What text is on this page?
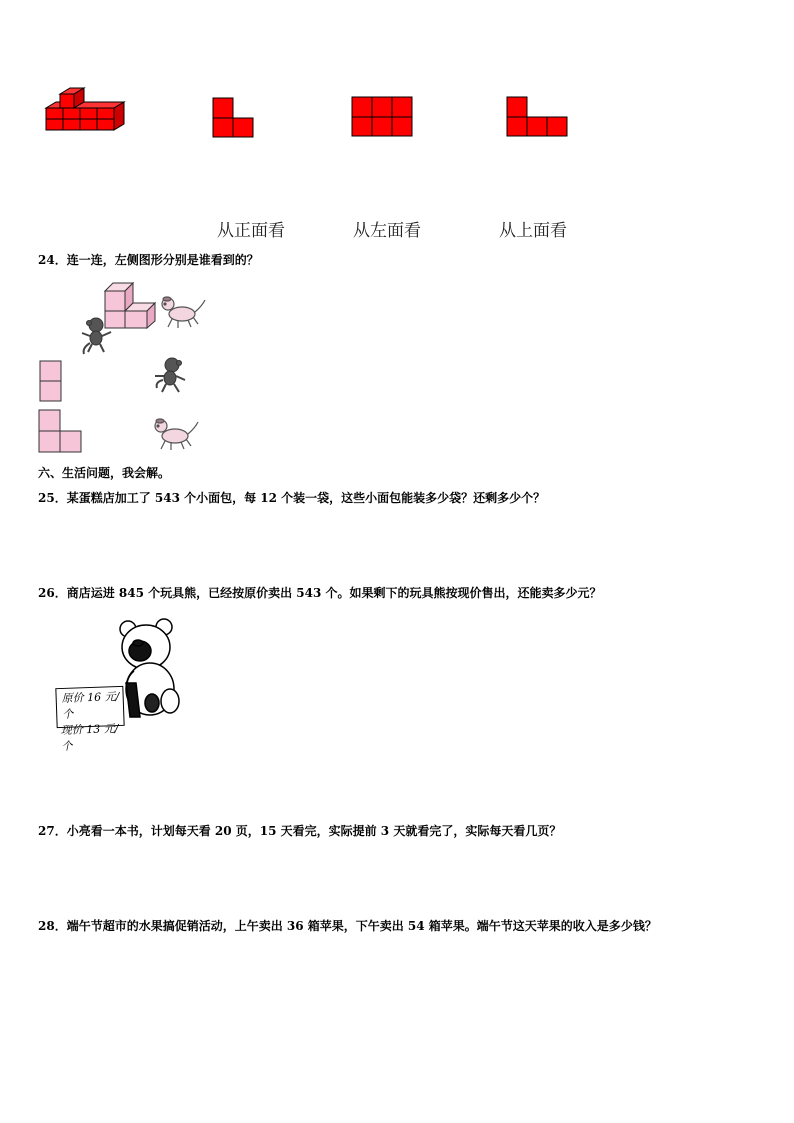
从正面看	从左面看	从上面看
24．连一连，左侧图形分别是谁看到的？
六、生活问题，我会解。
25．某蛋糕店加工了 543 个小面包，每 12 个装一袋，这些小面包能装多少袋？还剩多少个？
26．商店运进 845 个玩具熊，已经按原价卖出 543 个。如果剩下的玩具熊按现价售出，还能卖多少元？
原价 16 元/个
现价 13 元/个
27．小亮看一本书，计划每天看 20 页，15 天看完，实际提前 3 天就看完了，实际每天看几页？
28．端午节超市的水果搞促销活动，上午卖出 36 箱苹果，下午卖出 54 箱苹果。端午节这天苹果的收入是多少钱？
